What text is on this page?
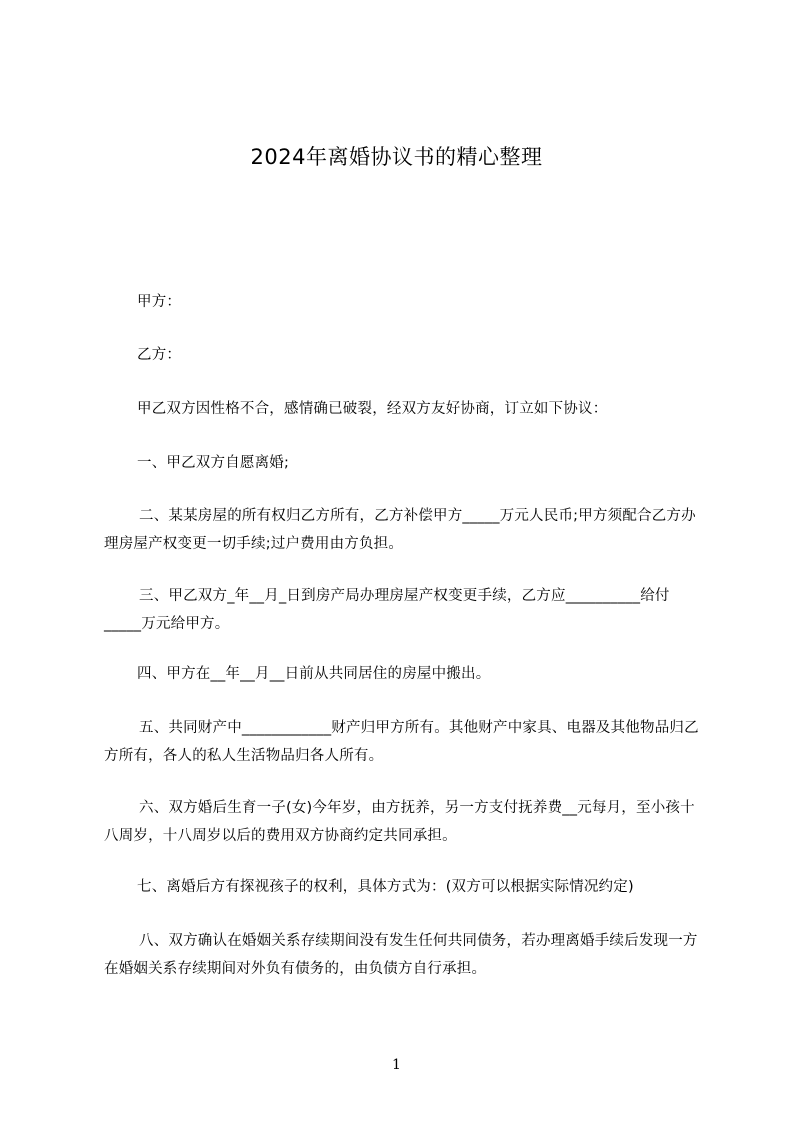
2024年离婚协议书的精心整理
甲方：
乙方：
甲乙双方因性格不合，感情确已破裂，经双方友好协商，订立如下协议：
一、甲乙双方自愿离婚;
二、某某房屋的所有权归乙方所有，乙方补偿甲方_____万元人民币;甲方须配合乙方办理房屋产权变更一切手续;过户费用由方负担。
三、甲乙双方_年__月_日到房产局办理房屋产权变更手续，乙方应__________给付_____万元给甲方。
四、甲方在__年__月__日前从共同居住的房屋中搬出。
五、共同财产中____________财产归甲方所有。其他财产中家具、电器及其他物品归乙方所有，各人的私人生活物品归各人所有。
六、双方婚后生育一子(女)今年岁，由方抚养，另一方支付抚养费__元每月，至小孩十八周岁，十八周岁以后的费用双方协商约定共同承担。
七、离婚后方有探视孩子的权利，具体方式为：(双方可以根据实际情况约定)
八、双方确认在婚姻关系存续期间没有发生任何共同债务，若办理离婚手续后发现一方在婚姻关系存续期间对外负有债务的，由负债方自行承担。
1
